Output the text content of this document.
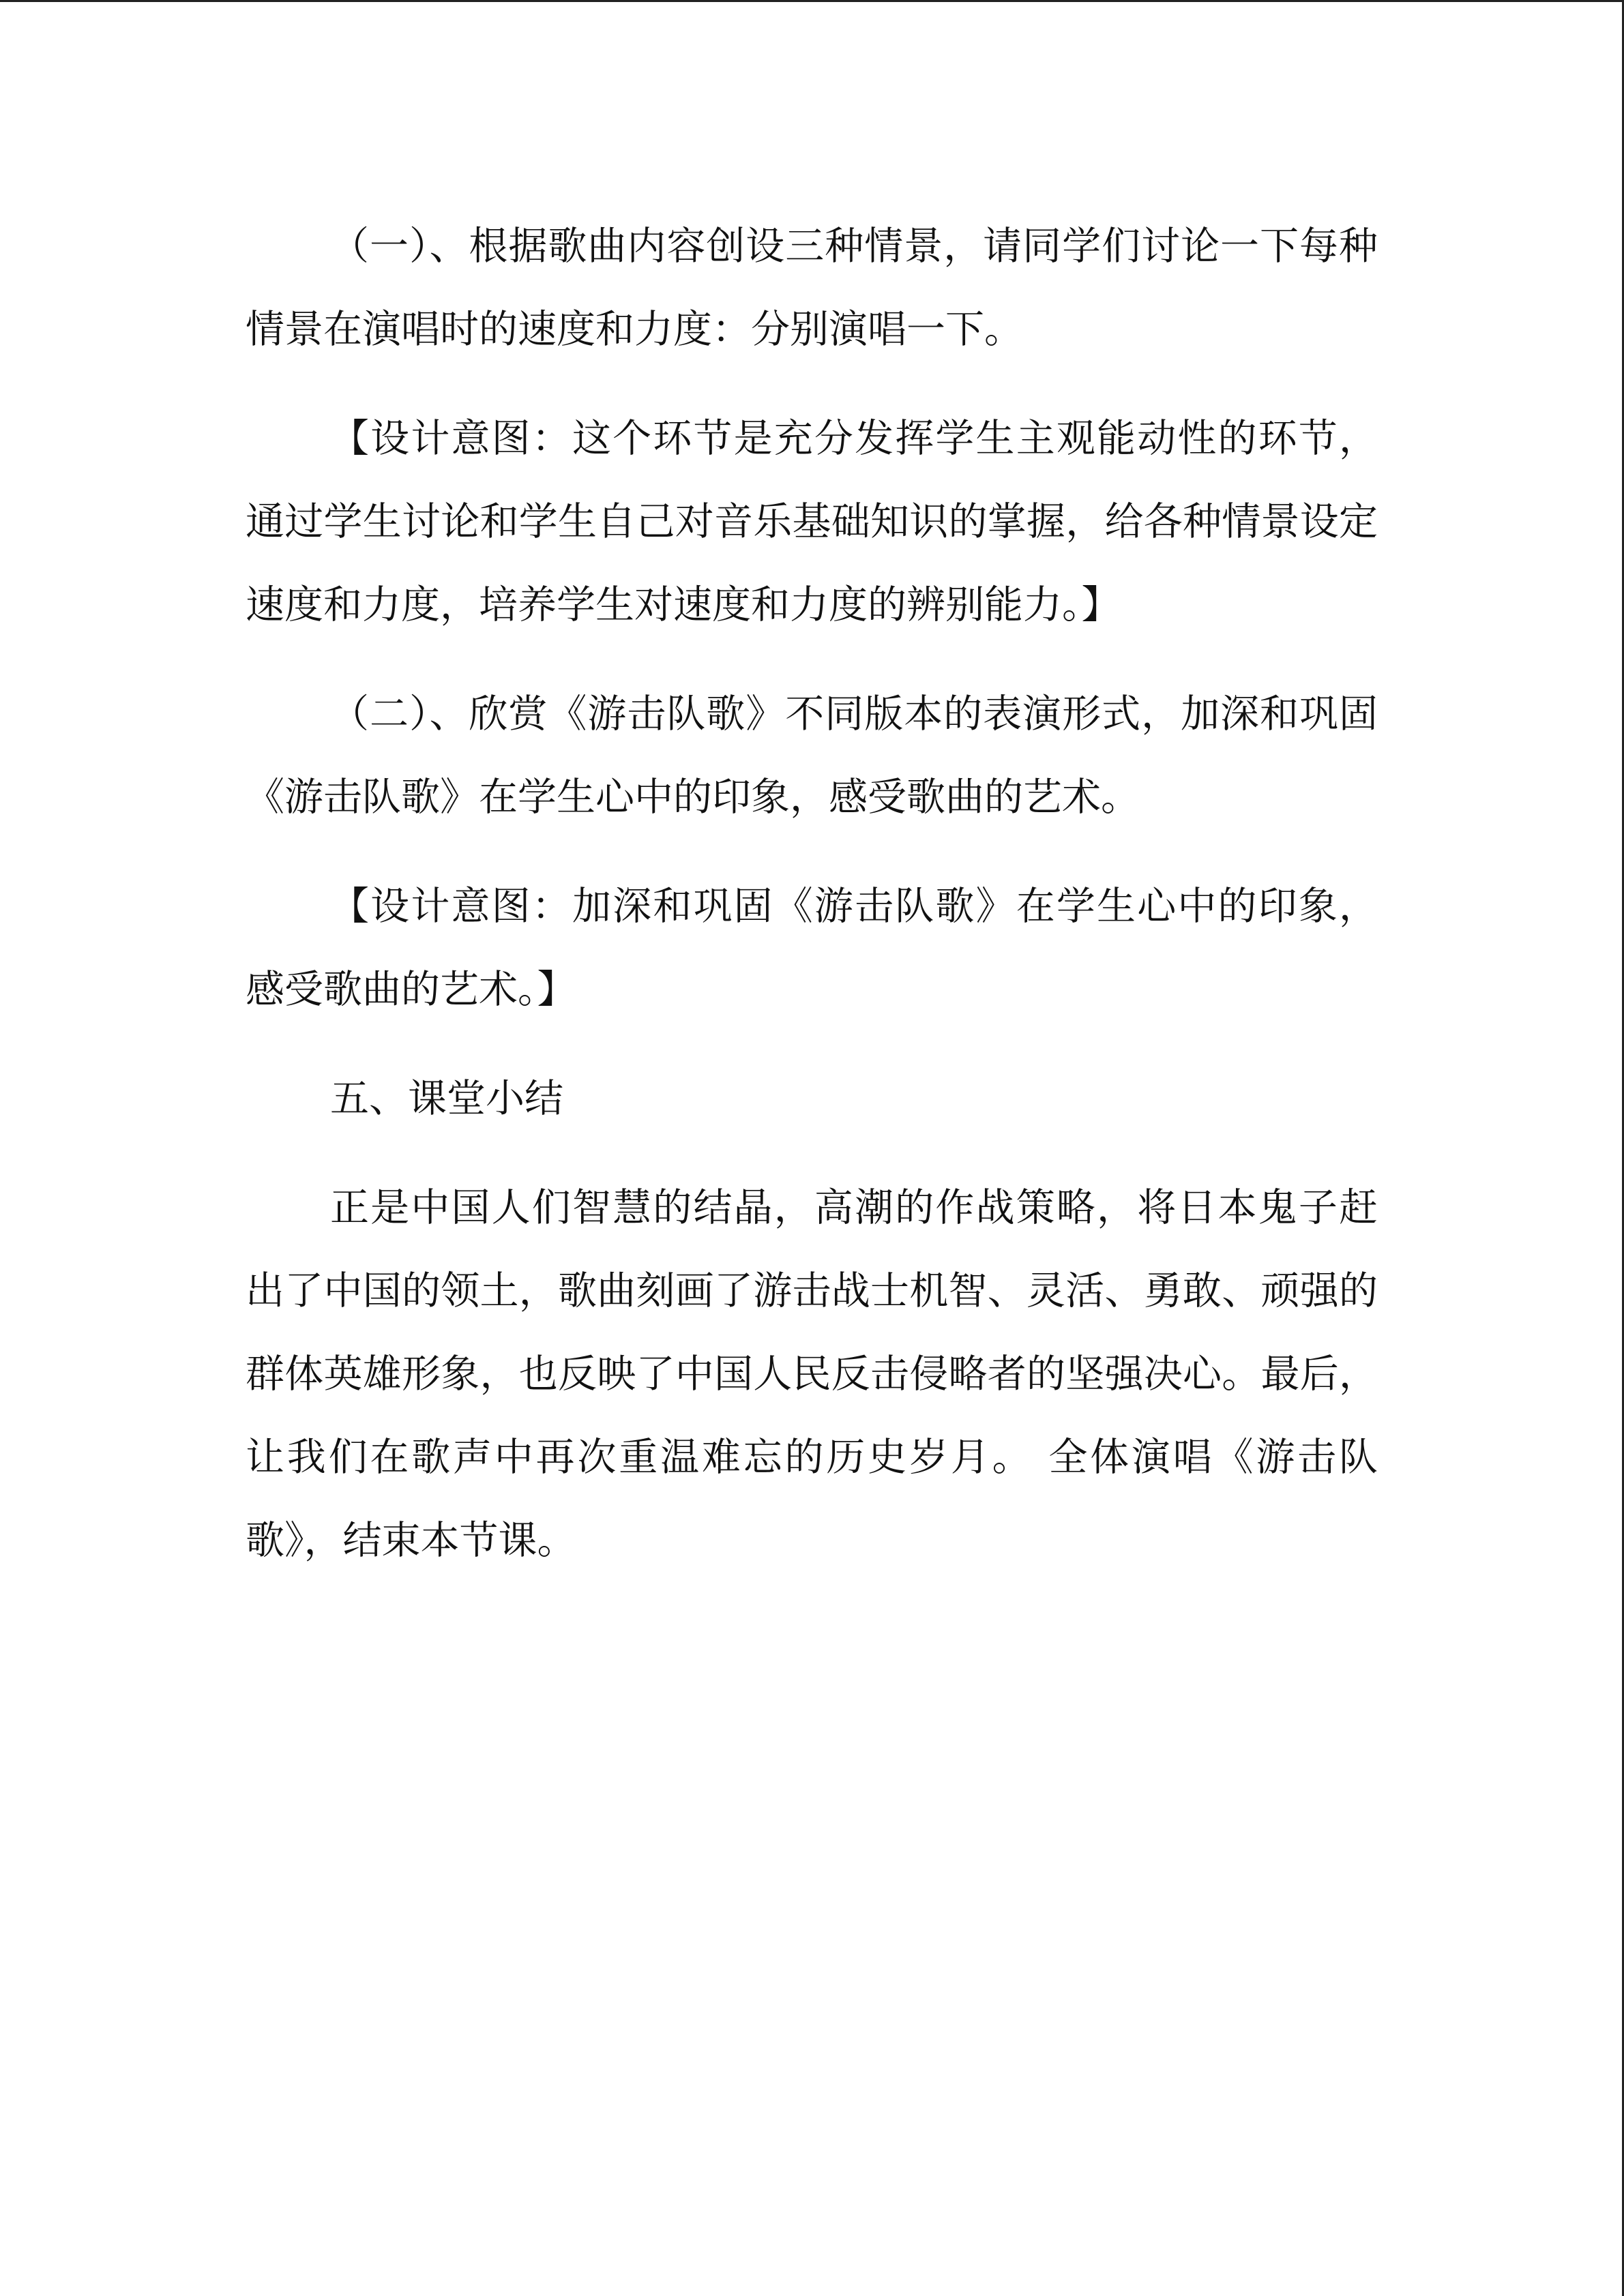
（一）、根据歌曲内容创设三种情景，请同学们讨论一下每种情景在演唱时的速度和力度：分别演唱一下。

【设计意图：这个环节是充分发挥学生主观能动性的环节，通过学生讨论和学生自己对音乐基础知识的掌握，给各种情景设定速度和力度，培养学生对速度和力度的辨别能力。】

（二）、欣赏《游击队歌》不同版本的表演形式，加深和巩固《游击队歌》在学生心中的印象，感受歌曲的艺术。

【设计意图：加深和巩固《游击队歌》在学生心中的印象，感受歌曲的艺术。】

五、课堂小结

正是中国人们智慧的结晶，高潮的作战策略，将日本鬼子赶出了中国的领土，歌曲刻画了游击战士机智、灵活、勇敢、顽强的群体英雄形象，也反映了中国人民反击侵略者的坚强决心。最后，让我们在歌声中再次重温难忘的历史岁月。 全体演唱《游击队歌》，结束本节课。
